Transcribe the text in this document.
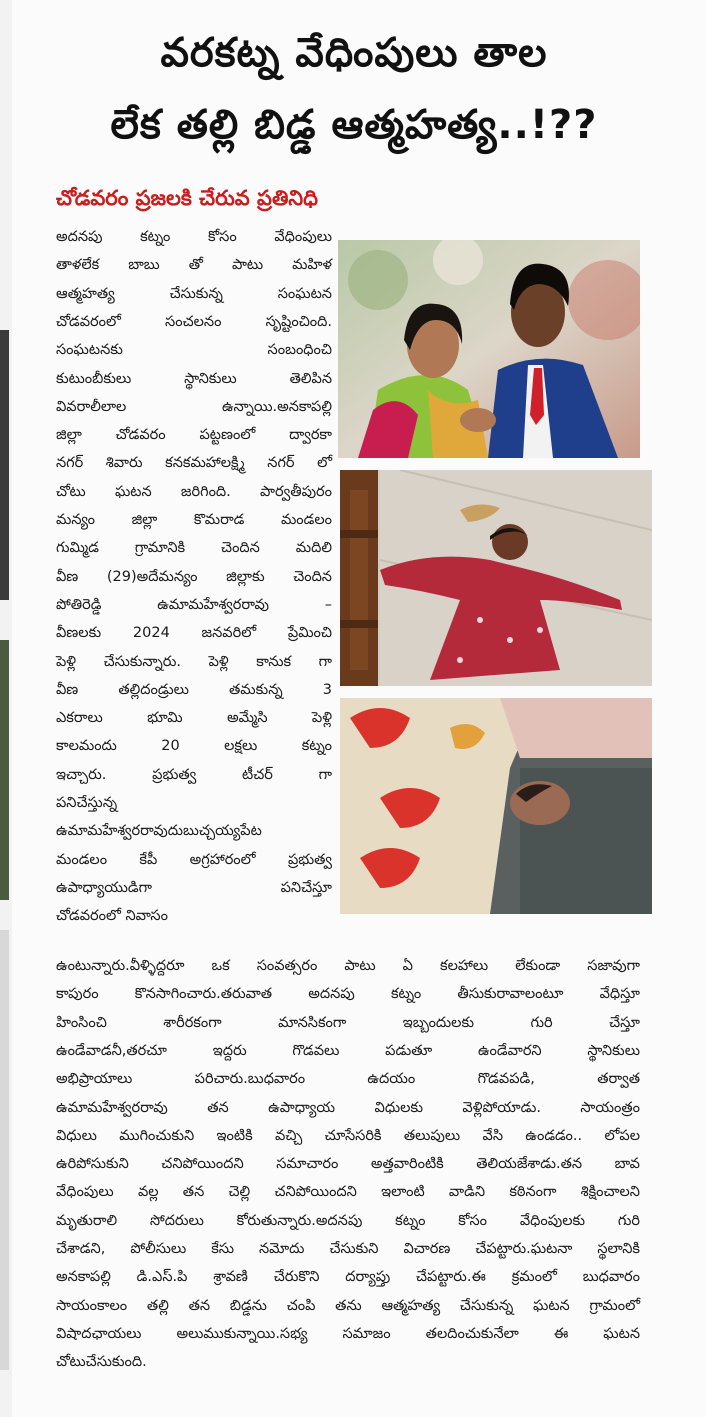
వరకట్న వేధింపులు తాల
లేక తల్లి బిడ్డ ఆత్మహత్య..!??
చోడవరం ప్రజలకి చేరువ ప్రతినిధి
అదనపు కట్నం కోసం వేధింపులు
తాళలేక బాబు తో పాటు మహిళ
ఆత్మహత్య చేసుకున్న సంఘటన
చోడవరంలో సంచలనం సృష్టించింది.
సంఘటనకు సంబంధించి
కుటుంబీకులు స్థానికులు తెలిపిన
వివరాలీలాల ఉన్నాయి.అనకాపల్లి
జిల్లా చోడవరం పట్టణంలో ద్వారకా
నగర్ శివారు కనకమహాలక్ష్మి నగర్ లో
చోటు ఘటన జరిగింది. పార్వతీపురం
మన్యం జిల్లా కొమరాడ మండలం
గుమ్మిడ గ్రామానికి చెందిన మదిలి
వీణ (29)అదేమన్యం జిల్లాకు చెందిన
పోతిరెడ్డి ఉమామహేశ్వరరావు –
వీణలకు 2024 జనవరిలో ప్రేమించి
పెళ్లి చేసుకున్నారు. పెళ్లి కానుక గా
వీణ తల్లిదండ్రులు తమకున్న 3
ఎకరాలు భూమి అమ్మేసి పెళ్లి
కాలమందు 20 లక్షలు కట్నం
ఇచ్చారు. ప్రభుత్వ టీచర్ గా
పనిచేస్తున్న
ఉమామహేశ్వరరావుదుబుచ్చయ్యపేట
మండలం కేపీ అగ్రహారంలో ప్రభుత్వ
ఉపాధ్యాయుడిగా పనిచేస్తూ
చోడవరంలో నివాసం
ఉంటున్నారు.వీళ్ళిద్దరూ ఒక సంవత్సరం పాటు ఏ కలహాలు లేకుండా సజావుగా
కాపురం కొనసాగించారు.తరువాత అదనపు కట్నం తీసుకురావాలంటూ వేధిస్తూ
హింసించి శారీరకంగా మానసికంగా ఇబ్బందులకు గురి చేస్తూ
ఉండేవాడనీ,తరచూ ఇద్దరు గొడవలు పడుతూ ఉండేవారని స్థానికులు
అభిప్రాయాలు పరిచారు.బుధవారం ఉదయం గొడవపడి, తర్వాత
ఉమామహేశ్వరరావు తన ఉపాధ్యాయ విధులకు వెళ్లిపోయాడు. సాయంత్రం
విధులు ముగించుకుని ఇంటికి వచ్చి చూసేసరికి తలుపులు వేసి ఉండడం.. లోపల
ఉరిపోసుకుని చనిపోయిందని సమాచారం అత్తవారింటికి తెలియజేశాడు.తన బావ
వేధింపులు వల్ల తన చెల్లి చనిపోయిందని ఇలాంటి వాడిని కఠినంగా శిక్షించాలని
మృతురాలి సోదరులు కోరుతున్నారు.అదనపు కట్నం కోసం వేధింపులకు గురి
చేశాడని, పోలీసులు కేసు నమోదు చేసుకుని విచారణ చేపట్టారు.ఘటనా స్థలానికి
అనకాపల్లి డి.ఎస్.పి శ్రావణి చేరుకొని దర్యాప్తు చేపట్టారు.ఈ క్రమంలో బుధవారం
సాయంకాలం తల్లి తన బిడ్డను చంపి తను ఆత్మహత్య చేసుకున్న ఘటన గ్రామంలో
విషాదఛాయలు అలుముకున్నాయి.సభ్య సమాజం తలదించుకునేలా ఈ ఘటన
చోటుచేసుకుంది.
